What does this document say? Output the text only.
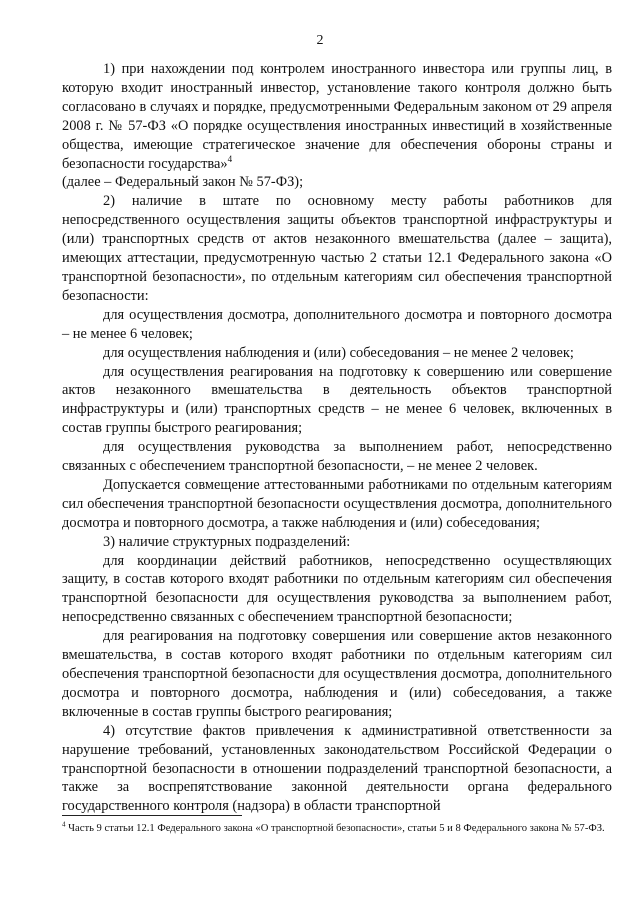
2

1) при нахождении под контролем иностранного инвестора или группы лиц, в которую входит иностранный инвестор, установление такого контроля должно быть согласовано в случаях и порядке, предусмотренными Федеральным законом от 29 апреля 2008 г. № 57-ФЗ «О порядке осуществления иностранных инвестиций в хозяйственные общества, имеющие стратегическое значение для обеспечения обороны страны и безопасности государства»$^4$

(далее – Федеральный закон № 57-ФЗ);

2) наличие в штате по основному месту работы работников для непосредственного осуществления защиты объектов транспортной инфраструктуры и (или) транспортных средств от актов незаконного вмешательства (далее – защита), имеющих аттестации, предусмотренную частью 2 статьи 12.1 Федерального закона «О транспортной безопасности», по отдельным категориям сил обеспечения транспортной безопасности:

для осуществления досмотра, дополнительного досмотра и повторного досмотра – не менее 6 человек;

для осуществления наблюдения и (или) собеседования – не менее 2 человек;

для осуществления реагирования на подготовку к совершению или совершение актов незаконного вмешательства в деятельность объектов транспортной инфраструктуры и (или) транспортных средств – не менее 6 человек, включенных в состав группы быстрого реагирования;

для осуществления руководства за выполнением работ, непосредственно связанных с обеспечением транспортной безопасности, – не менее 2 человек.

Допускается совмещение аттестованными работниками по отдельным категориям сил обеспечения транспортной безопасности осуществления досмотра, дополнительного досмотра и повторного досмотра, а также наблюдения и (или) собеседования;

3) наличие структурных подразделений:

для координации действий работников, непосредственно осуществляющих защиту, в состав которого входят работники по отдельным категориям сил обеспечения транспортной безопасности для осуществления руководства за выполнением работ, непосредственно связанных с обеспечением транспортной безопасности;

для реагирования на подготовку совершения или совершение актов незаконного вмешательства, в состав которого входят работники по отдельным категориям сил обеспечения транспортной безопасности для осуществления досмотра, дополнительного досмотра и повторного досмотра, наблюдения и (или) собеседования, а также включенные в состав группы быстрого реагирования;

4) отсутствие фактов привлечения к административной ответственности за нарушение требований, установленных законодательством Российской Федерации о транспортной безопасности в отношении подразделений транспортной безопасности, а также за воспрепятствование законной деятельности органа федерального государственного контроля (надзора) в области транспортной

$^4$ Часть 9 статьи 12.1 Федерального закона «О транспортной безопасности», статьи 5 и 8 Федерального закона № 57-ФЗ.
